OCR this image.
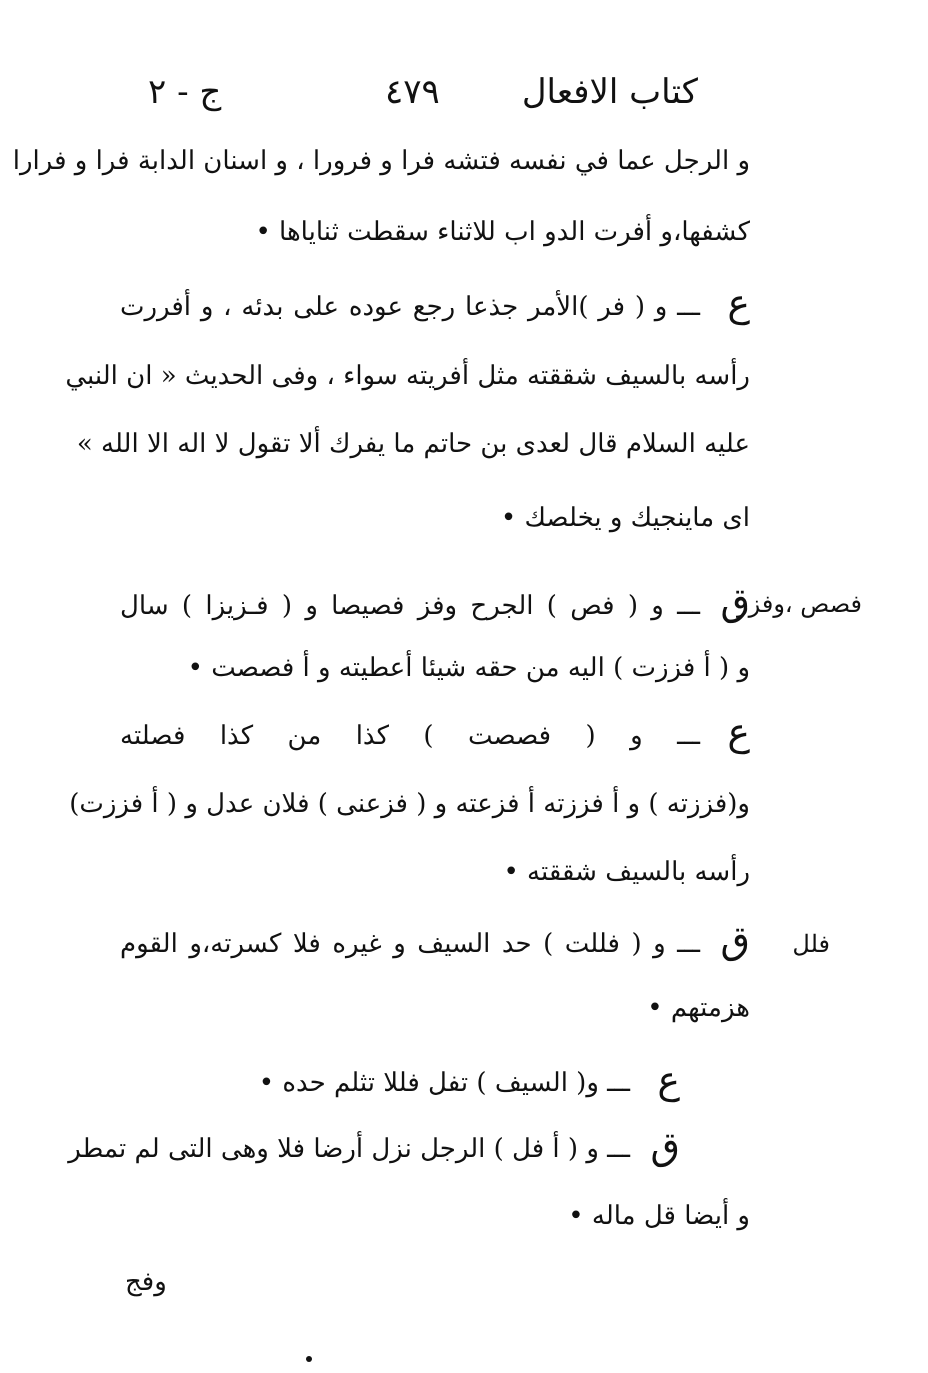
كتاب الافعال
٤٧٩
ج - ٢
و الرجل عما في نفسه فتشه فرا و فرورا ، و اسنان الدابة فرا و فرارا
كشفها،و أفرت الدو اب للاثناء سقطت ثناياها •
ع
ـــ و ( فر )الأمر جذعا رجع عوده على بدئه ، و أفررت
رأسه بالسيف شققته مثل أفريته سواء ، وفى الحديث « ان النبي
عليه السلام قال لعدى بن حاتم ما يفرك ألا تقول لا اله الا الله »
اى ماينجيك و يخلصك •
فصص ،وفزز
ق
ـــ و ( فص ) الجرح وفز فصيصا و ( فـزيزا ) سال
و ( أ فززت ) اليه من حقه شيئا أعطيته و أ فصصت •
ع
ـــ و ( فصصت ) كذا من كذا فصلته
و(فززته ) و أ فززته أ فزعته و ( فزعنى ) فلان عدل و ( أ فززت)
رأسه بالسيف شققته •
فلل
ق
ـــ و ( فللت ) حد السيف و غيره فلا كسرته،و القوم
هزمتهم •
ع
ـــ و( السيف ) تفل فللا تثلم حده •
ق
ـــ و ( أ فل ) الرجل نزل أرضا فلا وهى التى لم تمطر
و أيضا قل ماله •
وفج
